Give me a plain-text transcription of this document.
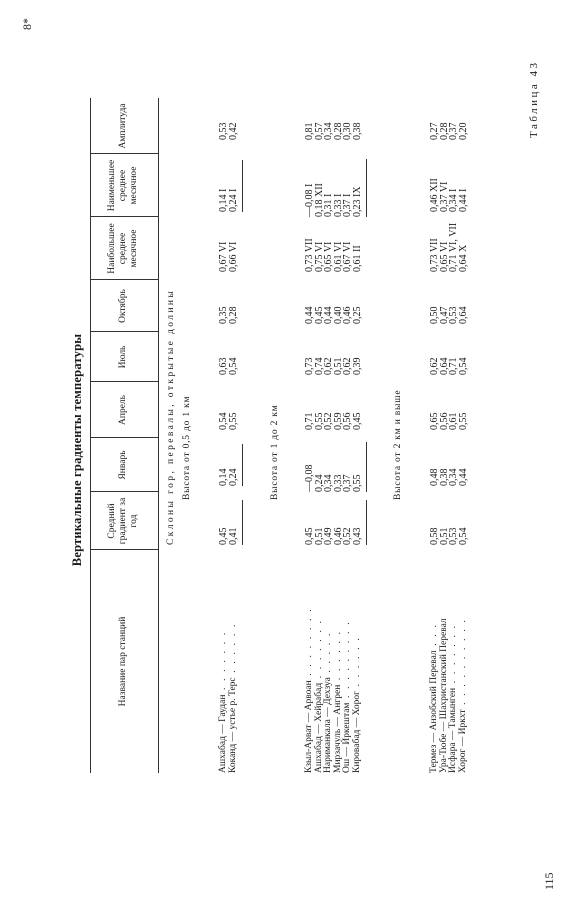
Таблица 43
Вертикальные градиенты температуры
Название пар станций
Средний градиент за год
Январь
Апрель
Июль
Октябрь
Наибольшее среднее месячное
Наименьшее среднее месячное
Амплитуда
Склоны гор, перевалы, открытые долины Высота от 0,5 до 1 км	Высота от 1 до 2 км	Высота от 2 км и выше
Ашхабад — Гаудан . . . . . . .
Коканд — устье р. Терс . . . . . .
0,45
0,41
0,14
0,24
0,54
0,55
0,63
0,54
0,35
0,28
0,67 VI
0,66 VI
0,14 I
0,24 I
0,53
0,42
Кзыл-Арват — Арвоан . . . . . . . .
Ашхабад — Хейрабад . . . . . . .
Нариманкала — Дехзуа . . . . .
Мирзачуль — Ангрен . . . . . .
Ош — Иркештам . . . . . . . . .
Кировабад — Хорог . . . . . .
0,45
0,51
0,49
0,46
0,52
0,43
—0,08
0,24
0,34
0,33
0,37
0,55
0,71
0,55
0,52
0,59
0,56
0,45
0,73
0,74
0,62
0,51
0,62
0,39
0,44
0,45
0,44
0,40
0,46
0,25
0,73 VII
0,75 VI
0,65 VI
0,61 VI
0,67 VI
0,61 II
—0,08 I
0,18 XII
0,31 I
0,33 I
0,37 I
0,23 IX
0,81
0,57
0,34
0,28
0,30
0,38
Термез — Анзобский Перевал . . . Ура-Тюбе — Шахристанский Перевал Исфара — Тамынген . . . . . . .
Хорог — Иркхт . . . . . . . . . .
0,58
0,51
0,53
0,54
0,48
0,38
0,34
0,44
0,65
0,56
0,61
0,55
0,62
0,64
0,71
0,54
0,50
0,47
0,53
0,64
0,73 VII
0,65 VI
0,71 VI, VII
0,64 X
0,46 XII
0,37 VI
0,34 I
0,44 I
0,27
0,28
0,37
0,20
115
8*
